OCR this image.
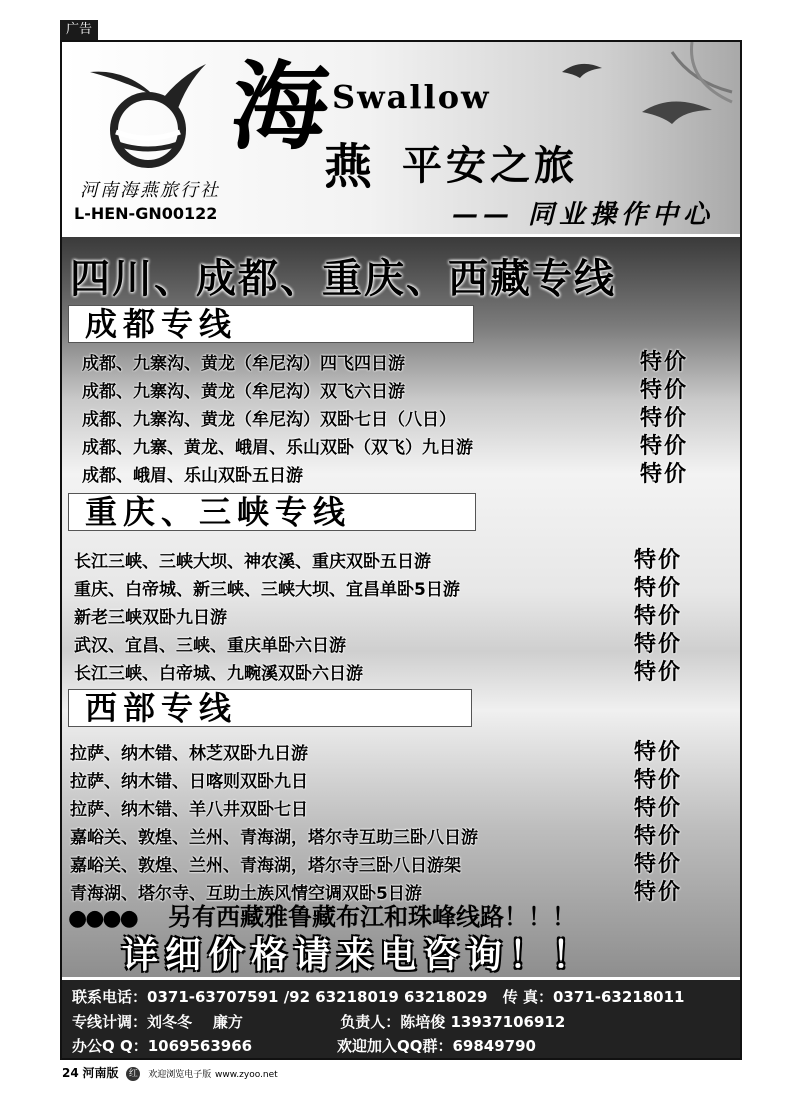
广告
河南海燕旅行社
L-HEN-GN00122
海
Swallow
燕 平安之旅
—— 同业操作中心
四川、成都、重庆、西藏专线
成都专线
成都、九寨沟、黄龙（牟尼沟）四飞四日游	特价
成都、九寨沟、黄龙（牟尼沟）双飞六日游	特价
成都、九寨沟、黄龙（牟尼沟）双卧七日（八日）	特价
成都、九寨、黄龙、峨眉、乐山双卧（双飞）九日游	特价
成都、峨眉、乐山双卧五日游	特价
重庆、三峡专线
长江三峡、三峡大坝、神农溪、重庆双卧五日游	特价
重庆、白帝城、新三峡、三峡大坝、宜昌单卧5日游	特价
新老三峡双卧九日游	特价
武汉、宜昌、三峡、重庆单卧六日游	特价
长江三峡、白帝城、九畹溪双卧六日游	特价
西部专线
拉萨、纳木错、林芝双卧九日游	特价
拉萨、纳木错、日喀则双卧九日	特价
拉萨、纳木错、羊八井双卧七日	特价
嘉峪关、敦煌、兰州、青海湖，塔尔寺互助三卧八日游	特价
嘉峪关、敦煌、兰州、青海湖，塔尔寺三卧八日游架	特价
青海湖、塔尔寺、互助土族风情空调双卧5日游	特价
●●●● 另有西藏雅鲁藏布江和珠峰线路！！！
详细价格请来电咨询！！
联系电话：0371-63707591 /92 63218019 63218029 传 真：0371-63218011
专线计调：刘冬冬    廉方	负责人：陈培俊 13937106912
办公Q Q：1069563966	欢迎加入QQ群：69849790
24 河南版 红 欢迎浏览电子版 www.zyoo.net
